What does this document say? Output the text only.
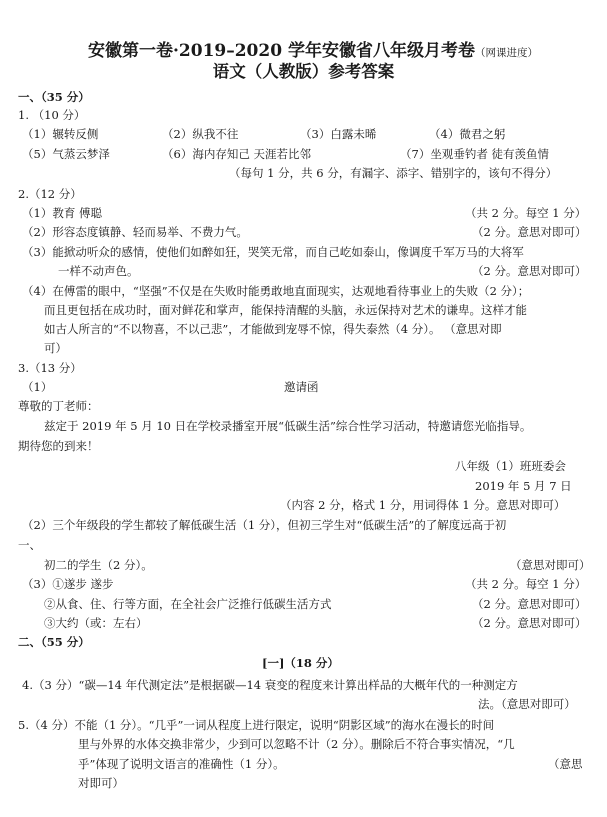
安徽第一卷·2019–2020 学年安徽省八年级月考卷（网课进度）
语文（人教版）参考答案
一、（35 分）
1. （10 分）
（1）辗转反侧	（2）纵我不往	（3）白露未晞	（4）微君之躬
（5）气蒸云梦泽	（6）海内存知己 天涯若比邻	（7）坐观垂钓者 徒有羡鱼情
（每句 1 分，共 6 分，有漏字、添字、错别字的，该句不得分）
2.（12 分）
（1）教育 傅聪	（共 2 分。每空 1 分）
（2）形容态度镇静、轻而易举、不费力气。	（2 分。意思对即可）
（3）能掀动听众的感情，使他们如醉如狂，哭笑无常，而自己屹如泰山，像调度千军万马的大将军
一样不动声色。	（2 分。意思对即可）
（4）在傅雷的眼中，“坚强”不仅是在失败时能勇敢地直面现实，达观地看待事业上的失败（2 分）；
而且更包括在成功时，面对鲜花和掌声，能保持清醒的头脑，永远保持对艺术的谦卑。这样才能
如古人所言的“不以物喜，不以己悲”，才能做到宠辱不惊，得失泰然（4 分）。 （意思对即
可）
3.（13 分）
（1）	邀请函
尊敬的丁老师：
兹定于 2019 年 5 月 10 日在学校录播室开展“低碳生活”综合性学习活动，特邀请您光临指导。
期待您的到来！
八年级（1）班班委会
2019 年 5 月 7 日
（内容 2 分，格式 1 分，用词得体 1 分。意思对即可）
（2）三个年级段的学生都较了解低碳生活（1 分），但初三学生对“低碳生活”的了解度远高于初
一、
初二的学生（2 分）。	（意思对即可）
（3）①遂步 遂步	（共 2 分。每空 1 分）
②从食、住、行等方面，在全社会广泛推行低碳生活方式	（2 分。意思对即可）
③大约（或：左右）	（2 分。意思对即可）
二、（55 分）
[一]（18 分）
4.（3 分）“碳—14 年代测定法”是根据碳—14 衰变的程度来计算出样品的大概年代的一种测定方
法。（意思对即可）
5.（4 分）不能（1 分）。“几乎”一词从程度上进行限定，说明“阴影区域”的海水在漫长的时间
里与外界的水体交换非常少，少到可以忽略不计（2 分）。删除后不符合事实情况，“几
乎”体现了说明文语言的准确性（1 分）。	（意思
对即可）
